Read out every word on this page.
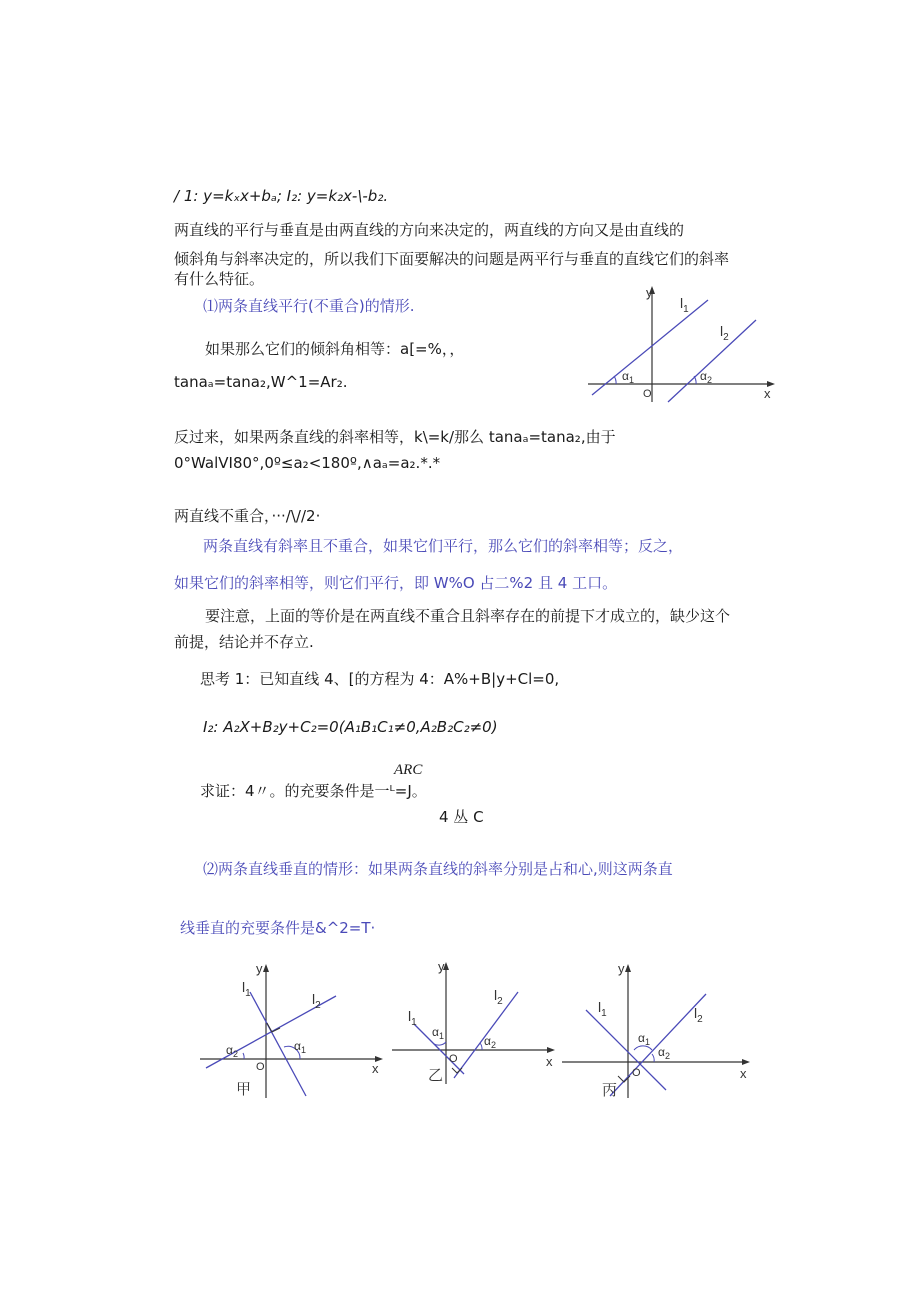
/ 1: y=kₓx+bₐ; I₂: y=k₂x-\-b₂.
两直线的平行与垂直是由两直线的方向来决定的，两直线的方向又是由直线的
倾斜角与斜率决定的，所以我们下面要解决的问题是两平行与垂直的直线它们的斜率
有什么特征。
⑴两条直线平行(不重合)的情形.
如果那么它们的倾斜角相等：a[=%，，
tanaₐ=tana₂,W^1=Ar₂.
反过来，如果两条直线的斜率相等，k\=k/那么 tanaₐ=tana₂,由于
0°WalVI80°,0º≤a₂<180º,∧aₐ=a₂.*.*
两直线不重合，···/\//2·
两条直线有斜率且不重合，如果它们平行，那么它们的斜率相等；反之，
如果它们的斜率相等，则它们平行，即 W%O 占二%2 且 4 工口。
要注意，上面的等价是在两直线不重合且斜率存在的前提下才成立的，缺少这个
前提，结论并不存立.
思考 1：已知直线 4、[的方程为 4：A%+B|y+Cl=0,
I₂: A₂X+B₂y+C₂=0(A₁B₁C₁≠0,A₂B₂C₂≠0)
ARC
求证：4〃。的充要条件是一ᴸ=J。
4 丛 C
⑵两条直线垂直的情形：如果两条直线的斜率分别是占和心,则这两条直
线垂直的充要条件是&^2=T·
y
x
O
$l_1$
$l_2$
$\alpha_1$	$\alpha_2$
y
x
O
$l_1$	$l_2$
$\alpha_1$
$\alpha_2$
甲
y
x
O
$l_1$
$l_2$
$\alpha_1$	$\alpha_2$
乙
y
x
O
$l_1$	$l_2$
$\alpha_1$
$\alpha_2$
丙
